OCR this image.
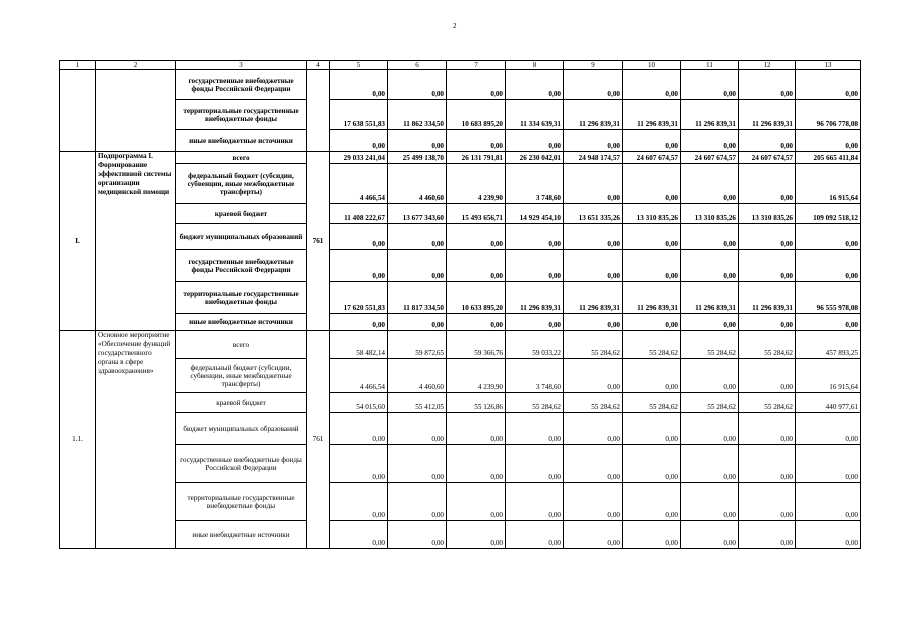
2
1	2	3	4	5	6	7	8	9	10	11	12	13
		государственные внебюджетные фонды Российской Федерации		0,00	0,00	0,00	0,00	0,00	0,00	0,00	0,00	0,00
		территориальные государственные внебюджетные фонды		17 638 551,83	11 862 334,50	10 683 895,20	11 334 639,31	11 296 839,31	11 296 839,31	11 296 839,31	11 296 839,31	96 706 778,08
		иные внебюджетные источники		0,00	0,00	0,00	0,00	0,00	0,00	0,00	0,00	0,00
I.	Подпрограмма I. Формирование эффективной системы организации медицинской помощи	всего	761	29 033 241,04	25 499 138,70	26 131 791,81	26 230 042,01	24 948 174,57	24 607 674,57	24 607 674,57	24 607 674,57	205 665 411,84
		федеральный бюджет (субсидии, субвенции, иные межбюджетные трансферты)		4 466,54	4 460,60	4 239,90	3 748,60	0,00	0,00	0,00	0,00	16 915,64
		краевой бюджет		11 408 222,67	13 677 343,60	15 493 656,71	14 929 454,10	13 651 335,26	13 310 835,26	13 310 835,26	13 310 835,26	109 092 518,12
		бюджет муниципальных образований		0,00	0,00	0,00	0,00	0,00	0,00	0,00	0,00	0,00
		государственные внебюджетные фонды Российской Федерации		0,00	0,00	0,00	0,00	0,00	0,00	0,00	0,00	0,00
		территориальные государственные внебюджетные фонды		17 620 551,83	11 817 334,50	10 633 895,20	11 296 839,31	11 296 839,31	11 296 839,31	11 296 839,31	11 296 839,31	96 555 978,08
		иные внебюджетные источники		0,00	0,00	0,00	0,00	0,00	0,00	0,00	0,00	0,00
1.1.	Основное мероприятие «Обеспечение функций государственного органа в сфере здравоохранения»	всего	761	58 482,14	59 872,65	59 366,76	59 033,22	55 284,62	55 284,62	55 284,62	55 284,62	457 893,25
		федеральный бюджет (субсидии, субвенции, иные межбюджетные трансферты)		4 466,54	4 460,60	4 239,90	3 748,60	0,00	0,00	0,00	0,00	16 915,64
		краевой бюджет		54 015,60	55 412,05	55 126,86	55 284,62	55 284,62	55 284,62	55 284,62	55 284,62	440 977,61
		бюджет муниципальных образований		0,00	0,00	0,00	0,00	0,00	0,00	0,00	0,00	0,00
		государственные внебюджетные фонды Российской Федерации		0,00	0,00	0,00	0,00	0,00	0,00	0,00	0,00	0,00
		территориальные государственные внебюджетные фонды		0,00	0,00	0,00	0,00	0,00	0,00	0,00	0,00	0,00
		иные внебюджетные источники		0,00	0,00	0,00	0,00	0,00	0,00	0,00	0,00	0,00
